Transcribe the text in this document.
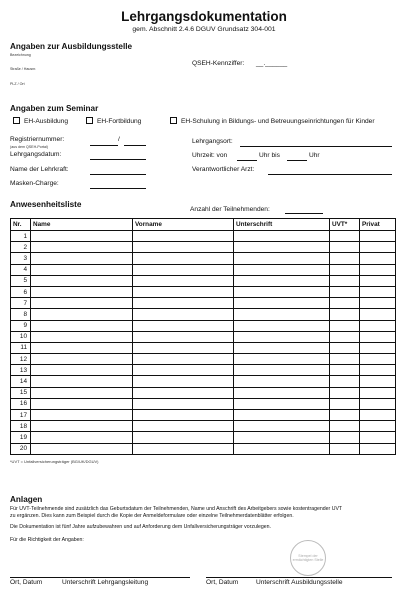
Lehrgangsdokumentation
gem. Abschnitt 2.4.6 DGUV Grundsatz 304-001
Angaben zur Ausbildungsstelle
Bezeichnung
Straße / Hausnr.
PLZ / Ort
QSEH-Kennziffer: __.______
Angaben zum Seminar
EH-Ausbildung	EH-Fortbildung	EH-Schulung in Bildungs- und Betreuungseinrichtungen für Kinder
Registriernummer:
(aus dem QSEH-Portal)
/
Lehrgangsdatum:
Name der Lehrkraft:
Masken-Charge:
Lehrgangsort:
Uhrzeit: von	Uhr bis	Uhr
Verantwortlicher Arzt:
Anwesenheitsliste
Anzahl der Teilnehmenden:
Nr.	Name	Vorname	Unterschrift	UVT*	Privat
1					
2					
3					
4					
5					
6					
7					
8					
9					
10					
11					
12					
13					
14					
15					
16					
17					
18					
19					
20					
*UVT = Unfallversicherungsträger (BG/UK/DGUV)
Anlagen
Für UVT-Teilnehmende sind zusätzlich das Geburtsdatum der Teilnehmenden, Name und Anschrift des Arbeitgebers sowie kostentragender UVT
zu ergänzen. Dies kann zum Beispiel durch die Kopie der Anmeldeformulare oder einzelne Teilnehmerdatenblätter erfolgen.
Die Dokumentation ist fünf Jahre aufzubewahren und auf Anforderung dem Unfallversicherungsträger vorzulegen.
Für die Richtigkeit der Angaben:
Stempel der ermächtigten Stelle
Ort, Datum	Unterschrift Lehrgangsleitung	Ort, Datum	Unterschrift Ausbildungsstelle
